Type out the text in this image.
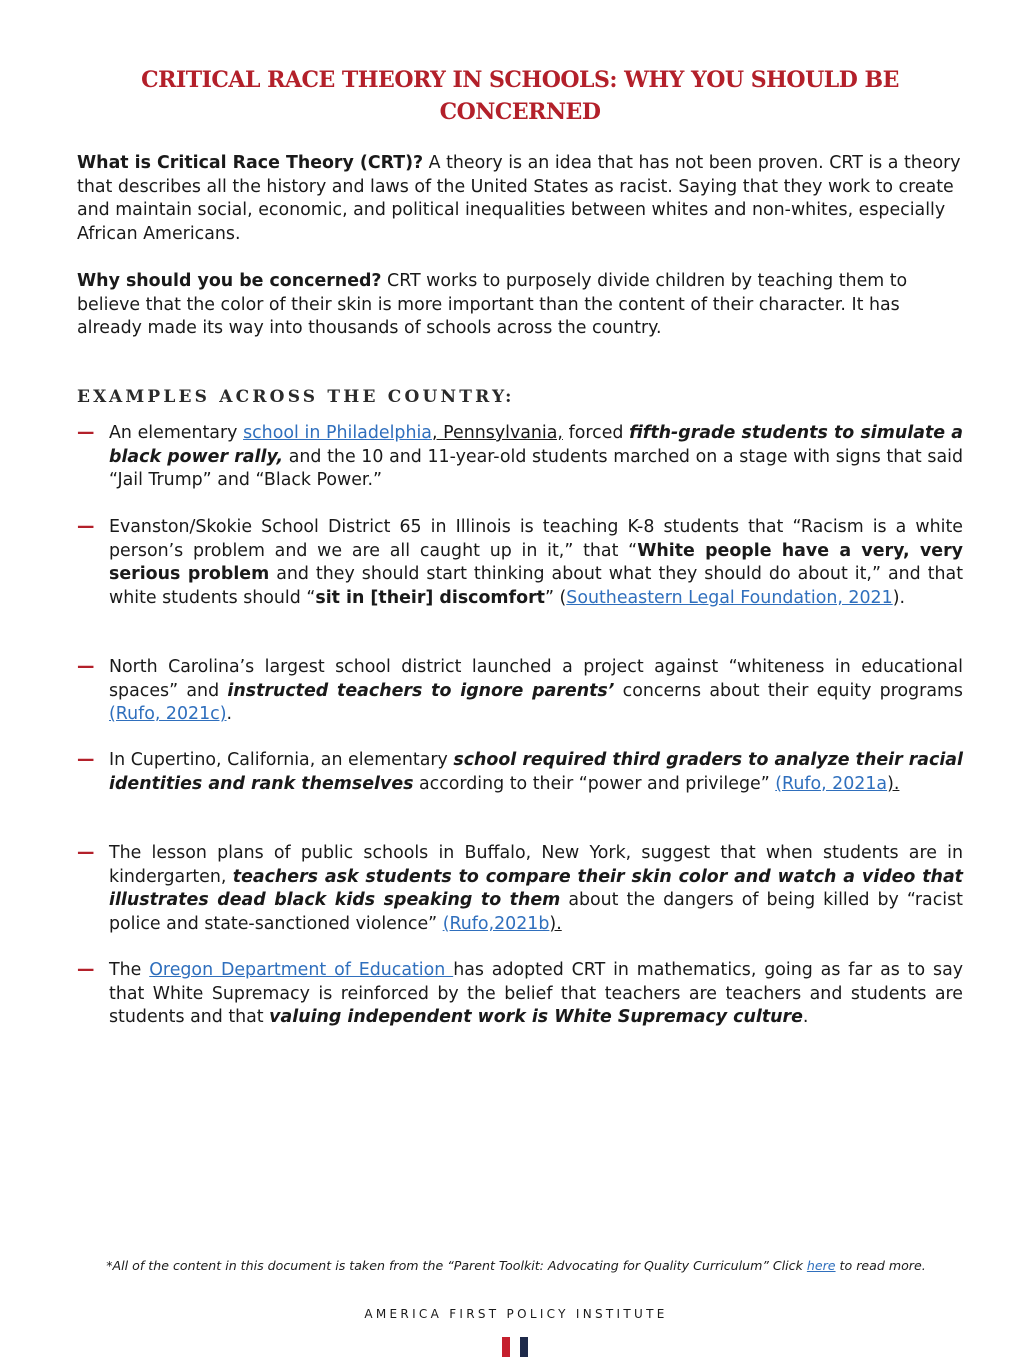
CRITICAL RACE THEORY IN SCHOOLS: WHY YOU SHOULD BE
CONCERNED
What is Critical Race Theory (CRT)? A theory is an idea that has not been proven. CRT is a theory that describes all the history and laws of the United States as racist. Saying that they work to create and maintain social, economic, and political inequalities between whites and non-whites, especially African Americans.
Why should you be concerned? CRT works to purposely divide children by teaching them to believe that the color of their skin is more important than the content of their character. It has already made its way into thousands of schools across the country.
EXAMPLES ACROSS THE COUNTRY:
— An elementary school in Philadelphia, Pennsylvania, forced fifth-grade students to simulate a black power rally, and the 10 and 11-year-old students marched on a stage with signs that said “Jail Trump” and “Black Power.”
— Evanston/Skokie School District 65 in Illinois is teaching K-8 students that “Racism is a white person’s problem and we are all caught up in it,” that “White people have a very, very serious problem and they should start thinking about what they should do about it,” and that white students should “sit in [their] discomfort” (Southeastern Legal Foundation, 2021).
— North Carolina’s largest school district launched a project against “whiteness in educational spaces” and instructed teachers to ignore parents’ concerns about their equity programs (Rufo, 2021c).
— In Cupertino, California, an elementary school required third graders to analyze their racial identities and rank themselves according to their “power and privilege” (Rufo, 2021a).
— The lesson plans of public schools in Buffalo, New York, suggest that when students are in kindergarten, teachers ask students to compare their skin color and watch a video that illustrates dead black kids speaking to them about the dangers of being killed by “racist police and state-sanctioned violence” (Rufo,2021b).
— The Oregon Department of Education has adopted CRT in mathematics, going as far as to say that White Supremacy is reinforced by the belief that teachers are teachers and students are students and that valuing independent work is White Supremacy culture.
*All of the content in this document is taken from the “Parent Toolkit: Advocating for Quality Curriculum” Click here to read more.
AMERICA FIRST POLICY INSTITUTE
